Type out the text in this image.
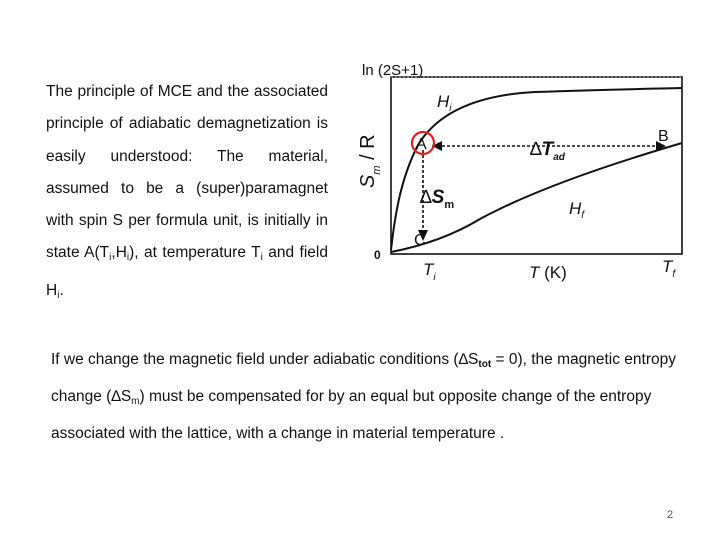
The principle of MCE and the associated principle of adiabatic demagnetization is easily understood: The material, assumed to be a (super)paramagnet with spin S per formula unit, is initially in state $A(T_i,H_i)$, at temperature $T_i$ and field $H_i$.

If we change the magnetic field under adiabatic conditions $(\Delta S_{tot} = 0)$, the magnetic entropy change $(\Delta S_m)$ must be compensated for by an equal but opposite change of the entropy associated with the lattice, with a change in material temperature .

2
ln (2S+1)
$S_m$ / R
0
$H_i$
$H_f$
A	B
C
$\Delta T_{ad}$
$\Delta S_m$
$T_i$	T (K)	$T_f$
